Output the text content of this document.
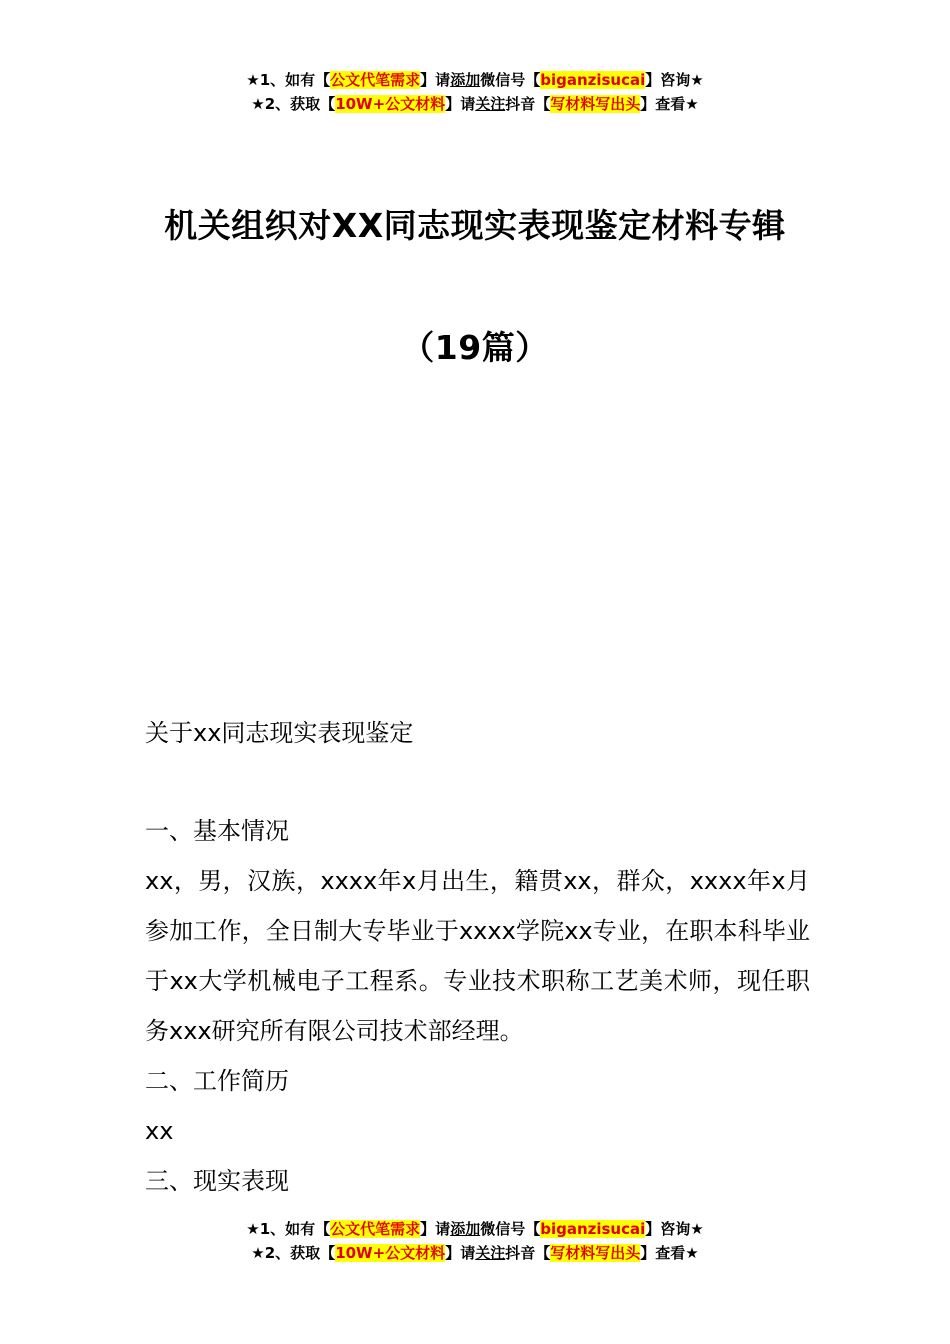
★1、如有【公文代笔需求】请添加微信号【biganzisucai】咨询★
★2、获取【10W+公文材料】请关注抖音【写材料写出头】查看★
机关组织对XX同志现实表现鉴定材料专辑
（19篇）
关于xx同志现实表现鉴定

一、基本情况

xx，男，汉族，xxxx年x月出生，籍贯xx，群众，xxxx年x月参加工作，全日制大专毕业于xxxx学院xx专业，在职本科毕业于xx大学机械电子工程系。专业技术职称工艺美术师，现任职务xxx研究所有限公司技术部经理。

二、工作简历

xx

三、现实表现

★1、如有【公文代笔需求】请添加微信号【biganzisucai】咨询★
★2、获取【10W+公文材料】请关注抖音【写材料写出头】查看★
